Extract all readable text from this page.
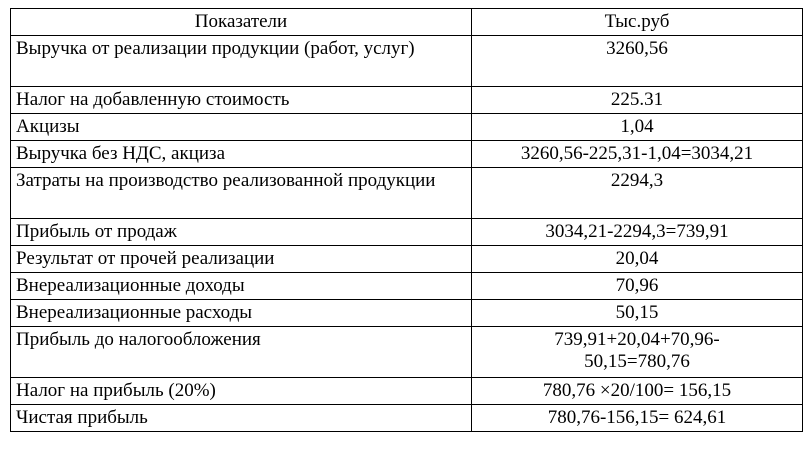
Показатели	Тыс.руб
Выручка от реализации продукции (работ, услуг)	3260,56
Налог на добавленную стоимость	225.31
Акцизы	1,04
Выручка без НДС, акциза	3260,56-225,31-1,04=3034,21
Затраты на производство реализованной продукции	2294,3
Прибыль от продаж	3034,21-2294,3=739,91
Результат от прочей реализации	20,04
Внереализационные доходы	70,96
Внереализационные расходы	50,15
Прибыль до налогообложения	739,91+20,04+70,96-50,15=780,76
Налог на прибыль (20%)	780,76 ×20/100= 156,15
Чистая прибыль	780,76-156,15= 624,61
